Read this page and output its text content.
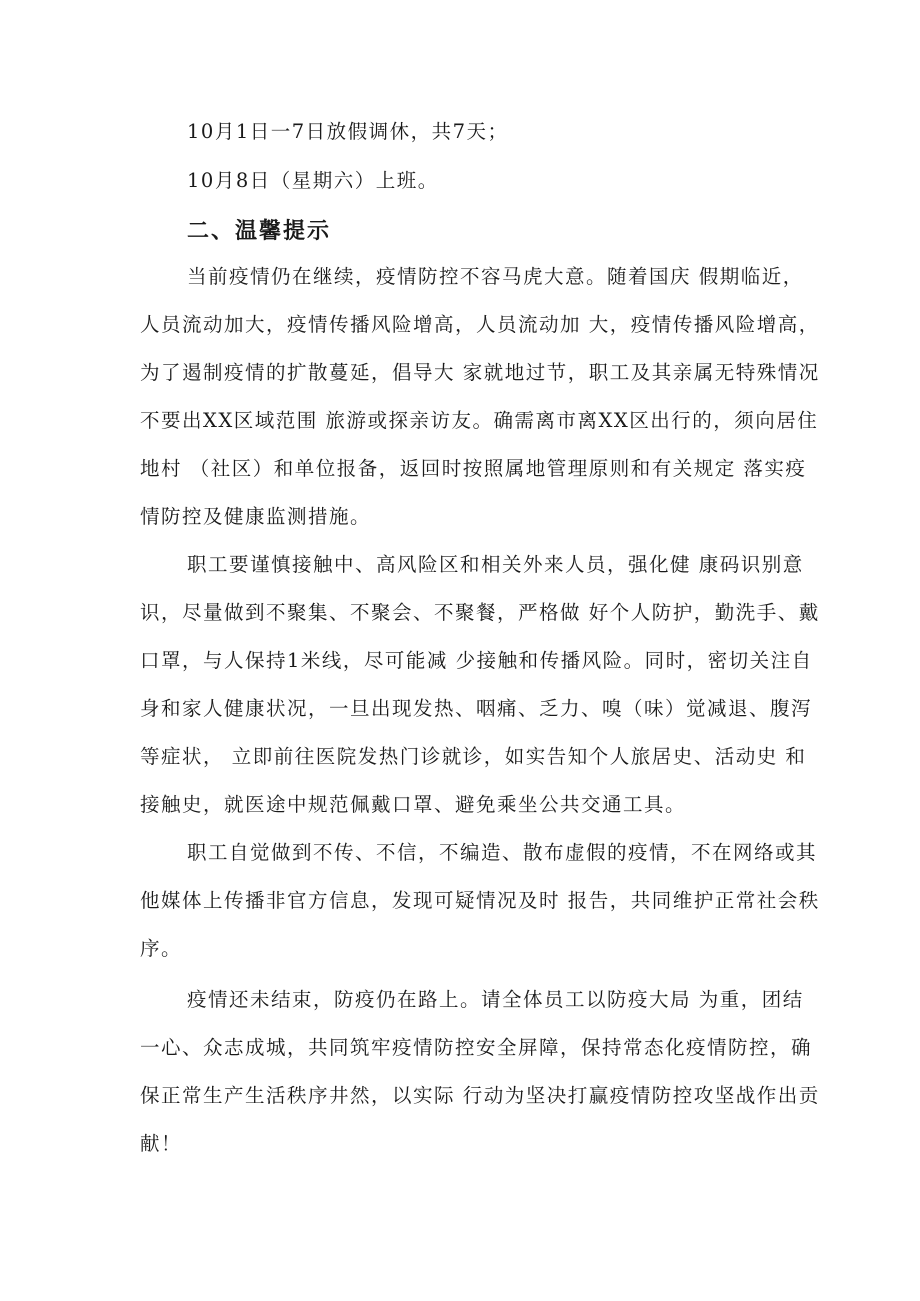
10月1日一7日放假调休，共7天；
10月8日（星期六）上班。
二、温馨提示
当前疫情仍在继续，疫情防控不容马虎大意。随着国庆 假期临近，
人员流动加大，疫情传播风险增高，人员流动加 大，疫情传播风险增高，
为了遏制疫情的扩散蔓延，倡导大 家就地过节，职工及其亲属无特殊情况
不要出XX区域范围 旅游或探亲访友。确需离市离XX区出行的，须向居住
地村 （社区）和单位报备，返回时按照属地管理原则和有关规定 落实疫
情防控及健康监测措施。
职工要谨慎接触中、高风险区和相关外来人员，强化健 康码识别意
识，尽量做到不聚集、不聚会、不聚餐，严格做 好个人防护，勤洗手、戴
口罩，与人保持1米线，尽可能减 少接触和传播风险。同时，密切关注自
身和家人健康状况，一旦出现发热、咽痛、乏力、嗅（味）觉减退、腹泻
等症状， 立即前往医院发热门诊就诊，如实告知个人旅居史、活动史 和
接触史，就医途中规范佩戴口罩、避免乘坐公共交通工具。
职工自觉做到不传、不信，不编造、散布虚假的疫情，不在网络或其
他媒体上传播非官方信息，发现可疑情况及时 报告，共同维护正常社会秩
序。
疫情还未结束，防疫仍在路上。请全体员工以防疫大局 为重，团结
一心、众志成城，共同筑牢疫情防控安全屏障，保持常态化疫情防控，确
保正常生产生活秩序井然，以实际 行动为坚决打赢疫情防控攻坚战作出贡
献！
